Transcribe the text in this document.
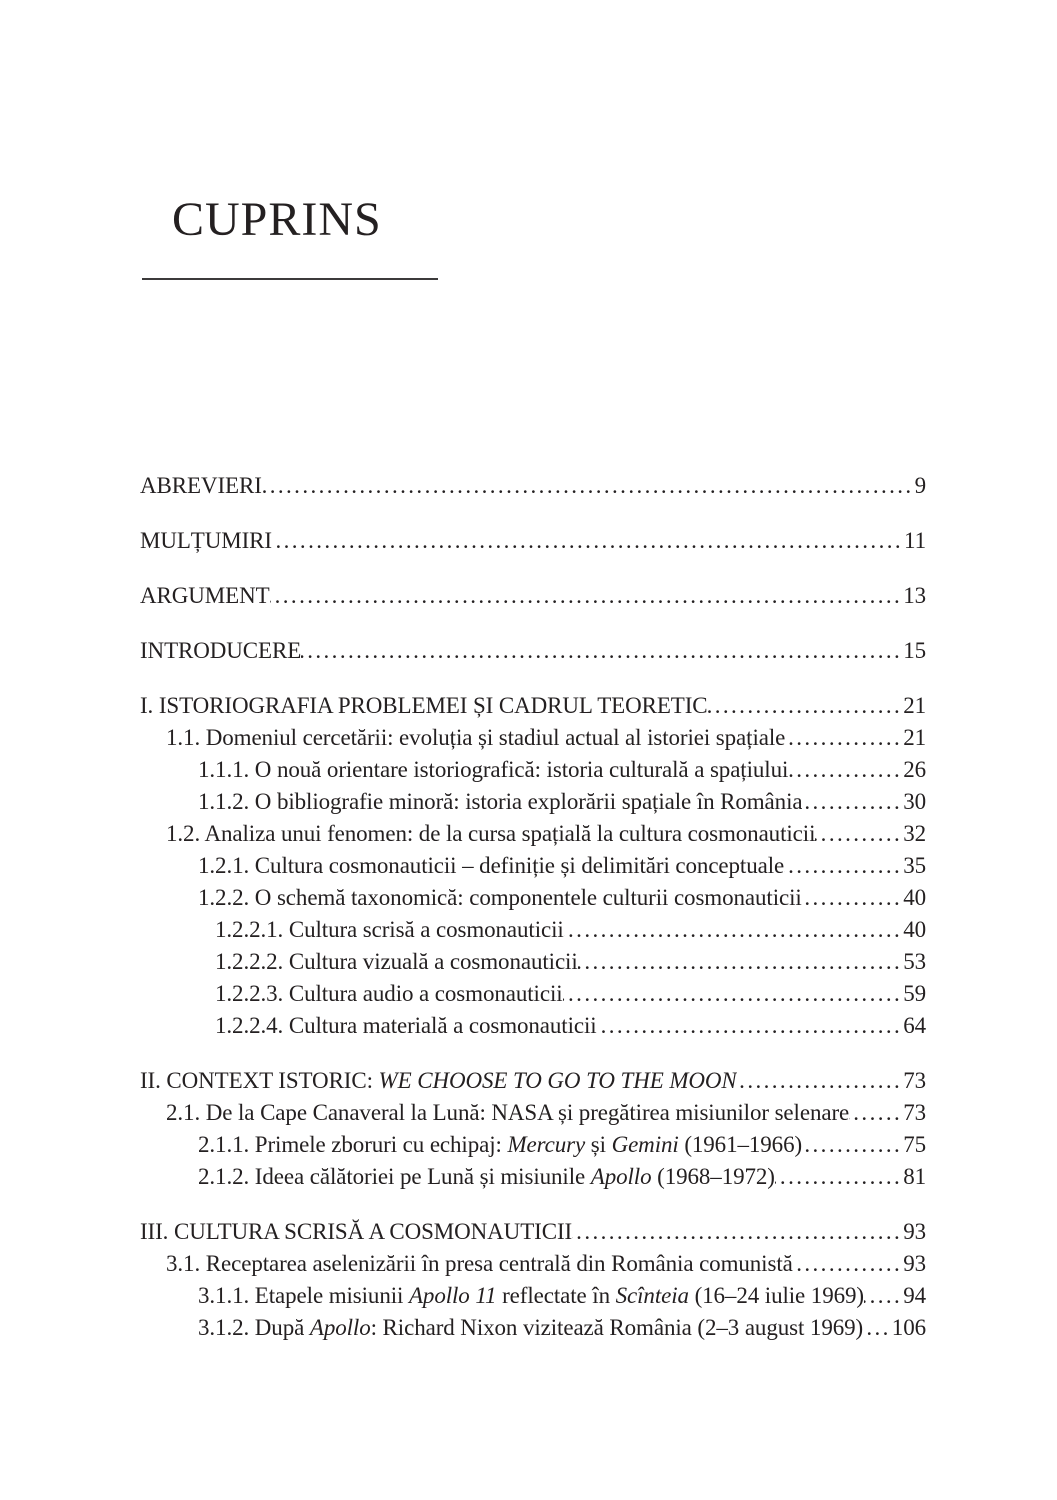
CUPRINS
ABREVIERI .....	9
MULȚUMIRI .....	11
ARGUMENT .....	13
INTRODUCERE .....	15
I. ISTORIOGRAFIA PROBLEMEI ȘI CADRUL TEORETIC .....	21
1.1. Domeniul cercetării: evoluția și stadiul actual al istoriei spațiale .....	21
1.1.1. O nouă orientare istoriografică: istoria culturală a spațiului .....	26
1.1.2. O bibliografie minoră: istoria explorării spațiale în România .....	30
1.2. Analiza unui fenomen: de la cursa spațială la cultura cosmonauticii .....	32
1.2.1. Cultura cosmonauticii – definiție și delimitări conceptuale .....	35
1.2.2. O schemă taxonomică: componentele culturii cosmonauticii .....	40
1.2.2.1. Cultura scrisă a cosmonauticii .....	40
1.2.2.2. Cultura vizuală a cosmonauticii .....	53
1.2.2.3. Cultura audio a cosmonauticii .....	59
1.2.2.4. Cultura materială a cosmonauticii .....	64
II. CONTEXT ISTORIC: WE CHOOSE TO GO TO THE MOON .....	73
2.1. De la Cape Canaveral la Lună: NASA și pregătirea misiunilor selenare ..... 73
2.1.1. Primele zboruri cu echipaj: Mercury și Gemini (1961–1966) .....	75
2.1.2. Ideea călătoriei pe Lună și misiunile Apollo (1968–1972) .....	81
III. CULTURA SCRISĂ A COSMONAUTICII .....	93
3.1. Receptarea aselenizării în presa centrală din România comunistă .....	93
3.1.1. Etapele misiunii Apollo 11 reflectate în Scînteia (16–24 iulie 1969) ..... 94
3.1.2. După Apollo: Richard Nixon vizitează România (2–3 august 1969) ..... 106
